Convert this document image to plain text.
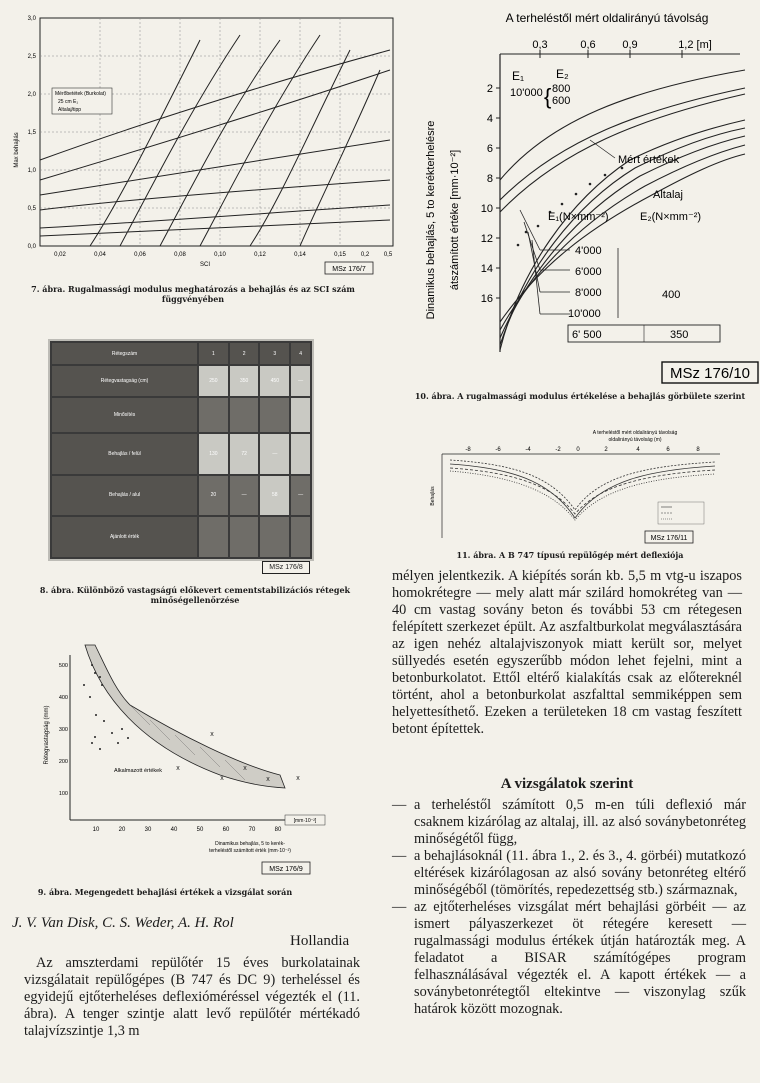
Mérőbetétek (Burkolat)
25 cm E₁
Altalaj/tipp
3,0
2,5
2,0
1,5
1,0
0,5
0,0
0,02	0,04	0,06	0,08	0,10	0,12	0,14	0,15 0,2 0,5
SCI
Max behajlás
MSz 176/7
7. ábra. Rugalmassági modulus meghatározás a behajlás és az SCI szám függvényében
Rétegszám	1	2	3	4
Rétegvastagság (cm)	250	350	450	—
Minősítés				
Behajlás / felül	130	72	—	
Behajlás / alul	20	—	58	—
Ajánlott érték				
MSz 176/8
8. ábra. Különböző vastagságú előkevert cementstabilizációs rétegek minőségellenőrzése
[mm·10⁻²]
x
x
x	x
x
x
Alkalmazott értékek
500
400
300
200
100
Rétegvastagság (mm)
10	20	30	40	50	60	70	80
Dinamikus behajlás, 5 to kerék-
terheléstől számított érték (mm·10⁻²)
MSz 176/9
9. ábra. Megengedett behajlási értékek a vizsgálat során
J. V. Van Disk, C. S. Weder, A. H. Rol
Hollandia
Az amszterdami repülőtér 15 éves burkolatainak vizsgálatait repülőgépes (B 747 és DC 9) terheléssel és egyidejű ejtőterheléses deflexióméréssel végezték el (11. ábra). A tenger szintje alatt levő repülőtér mértékadó talajvízszintje 1,3 m
A terheléstől mért oldalirányú távolság
0,3	0,6 0,9	1,2 [m]
2
4
6
8
10
12
14
16
Dinamikus behajlás, 5 to kerékterhelésre átszámított értéke [mm·10⁻²]
E₁
10'000
E₂
800
600
{
Mért értékek
Altalaj
E₁(N×mm⁻²)	E₂(N×mm⁻²)
4'000
6'000
8'000
10'000
400
6' 500	350
MSz 176/10
10. ábra. A rugalmassági modulus értékelése a behajlás görbülete szerint
A terheléstől mért oldalirányú távolság
oldalirányú távolság (m)
-8	-6	-4	-2	0	2	4	6	8
Behajlás
MSz 176/11
11. ábra. A B 747 típusú repülőgép mért deflexiója
mélyen jelentkezik. A kiépítés során kb. 5,5 m vtg-u iszapos homokrétegre — mely alatt már szilárd homokréteg van — 40 cm vastag sovány beton és további 53 cm rétegesen felépített szerkezet épült. Az aszfaltburkolat megválasztására az igen nehéz altalajviszonyok miatt került sor, melyet süllyedés esetén egyszerűbb módon lehet fejelni, mint a betonburkolatot. Ettől eltérő kialakítás csak az előtereknél történt, ahol a betonburkolat aszfalttal semmiképpen sem helyettesíthető. Ezeken a területeken 18 cm vastag feszített betont építettek.
A vizsgálatok szerint
— a terheléstől számított 0,5 m-en túli deflexió már csaknem kizárólag az altalaj, ill. az alsó soványbetonréteg minőségétől függ,
— a behajlásoknál (11. ábra 1., 2. és 3., 4. görbéi) mutatkozó eltérések kizárólagosan az alsó sovány betonréteg eltérő minőségéből (tömörítés, repedezettség stb.) származnak,
— az ejtőterheléses vizsgálat mért behajlási görbéit — az ismert pályaszerkezet öt rétegére keresett — rugalmassági modulus értékek útján határozták meg. A feladatot a BISAR számítógépes program felhasználásával végezték el. A kapott értékek — a soványbetonrétegtől eltekintve — viszonylag szűk határok között mozognak.
